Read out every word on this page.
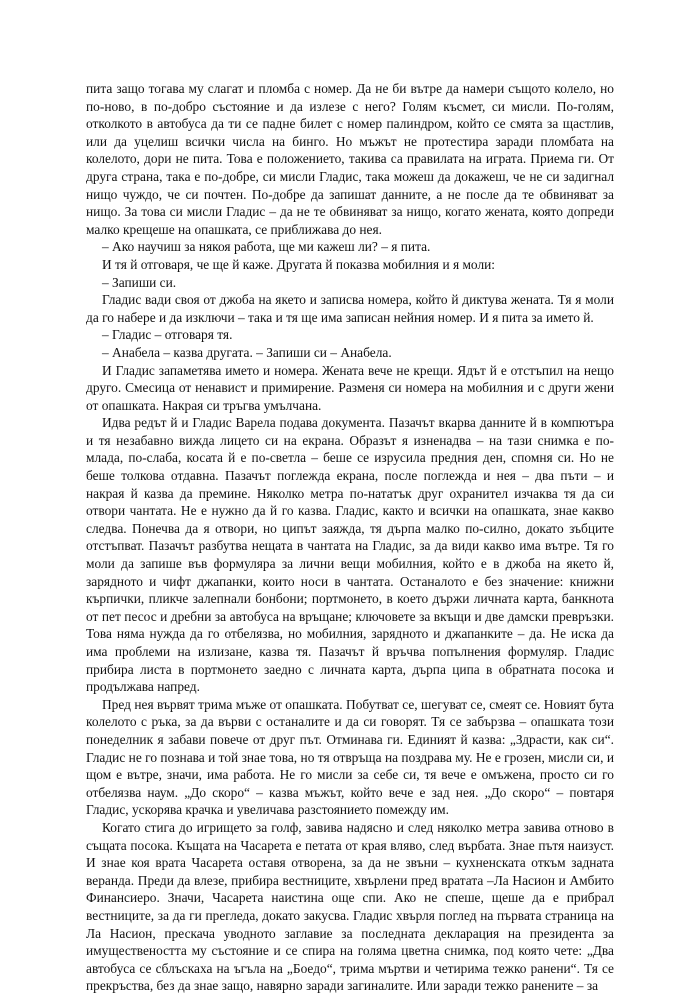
пита защо тогава му слагат и пломба с номер. Да не би вътре да намери същото колело, но по-ново, в по-добро състояние и да излезе с него? Голям късмет, си мисли. По-голям, отколкото в автобуса да ти се падне билет с номер палиндром, който се смята за щастлив, или да уцелиш всички числа на бинго. Но мъжът не протестира заради пломбата на колелото, дори не пита. Това е положението, такива са правилата на играта. Приема ги. От друга страна, така е по-добре, си мисли Гладис, така можеш да докажеш, че не си задигнал нищо чуждо, че си почтен. По-добре да запишат данните, а не после да те обвиняват за нищо. За това си мисли Гладис – да не те обвиняват за нищо, когато жената, която допреди малко крещеше на опашката, се приближава до нея.

– Ако научиш за някоя работа, ще ми кажеш ли? – я пита.

И тя й отговаря, че ще й каже. Другата й показва мобилния и я моли:

– Запиши си.

Гладис вади своя от джоба на якето и записва номера, който й диктува жената. Тя я моли да го набере и да изключи – така и тя ще има записан нейния номер. И я пита за името й.

– Гладис – отговаря тя.

– Анабела – казва другата. – Запиши си – Анабела.

И Гладис запаметява името и номера. Жената вече не крещи. Ядът й е отстъпил на нещо друго. Смесица от ненавист и примирение. Разменя си номера на мобилния и с други жени от опашката. Накрая си тръгва умълчана.

Идва редът й и Гладис Варела подава документа. Пазачът вкарва данните й в компютъра и тя незабавно вижда лицето си на екрана. Образът я изненадва – на тази снимка е по-млада, по-слаба, косата й е по-светла – беше се изрусила предния ден, спомня си. Но не беше толкова отдавна. Пазачът поглежда екрана, после поглежда и нея – два пъти – и накрая й казва да премине. Няколко метра по-нататък друг охранител изчаква тя да си отвори чантата. Не е нужно да й го казва. Гладис, както и всички на опашката, знае какво следва. Понечва да я отвори, но ципът заяжда, тя дърпа малко по-силно, докато зъбците отстъпват. Пазачът разбутва нещата в чантата на Гладис, за да види какво има вътре. Тя го моли да запише във формуляра за лични вещи мобилния, който е в джоба на якето й, зарядното и чифт джапанки, които носи в чантата. Останалото е без значение: книжни кърпички, пликче залепнали бонбони; портмонето, в което държи личната карта, банкнота от пет песос и дребни за автобуса на връщане; ключовете за вкъщи и две дамски превръзки. Това няма нужда да го отбелязва, но мобилния, зарядното и джапанките – да. Не иска да има проблеми на излизане, казва тя. Пазачът й връчва попълнения формуляр. Гладис прибира листа в портмонето заедно с личната карта, дърпа ципа в обратната посока и продължава напред.

Пред нея вървят трима мъже от опашката. Побутват се, шегуват се, смеят се. Новият бута колелото с ръка, за да върви с останалите и да си говорят. Тя се забързва – опашката този понеделник я забави повече от друг път. Отминава ги. Единият й казва: „Здрасти, как си“. Гладис не го познава и той знае това, но тя отвръща на поздрава му. Не е грозен, мисли си, и щом е вътре, значи, има работа. Не го мисли за себе си, тя вече е омъжена, просто си го отбелязва наум. „До скоро“ – казва мъжът, който вече е зад нея. „До скоро“ – повтаря Гладис, ускорява крачка и увеличава разстоянието помежду им.

Когато стига до игрището за голф, завива надясно и след няколко метра завива отново в същата посока. Къщата на Часарета е петата от края вляво, след върбата. Знае пътя наизуст. И знае коя врата Часарета оставя отворена, за да не звъни – кухненската откъм задната веранда. Преди да влезе, прибира вестниците, хвърлени пред вратата –Ла Насион и Амбито Финансиеро. Значи, Часарета наистина още спи. Ако не спеше, щеше да е прибрал вестниците, за да ги прегледа, докато закусва. Гладис хвърля поглед на първата страница на Ла Насион, прескача уводното заглавие за последната декларация на президента за имуществеността му състояние и се спира на голяма цветна снимка, под която чете: „Два автобуса се сблъскаха на ъгъла на „Боедо“, трима мъртви и четирима тежко ранени“. Тя се прекръства, без да знае защо, навярно заради загиналите. Или заради тежко ранените – за
